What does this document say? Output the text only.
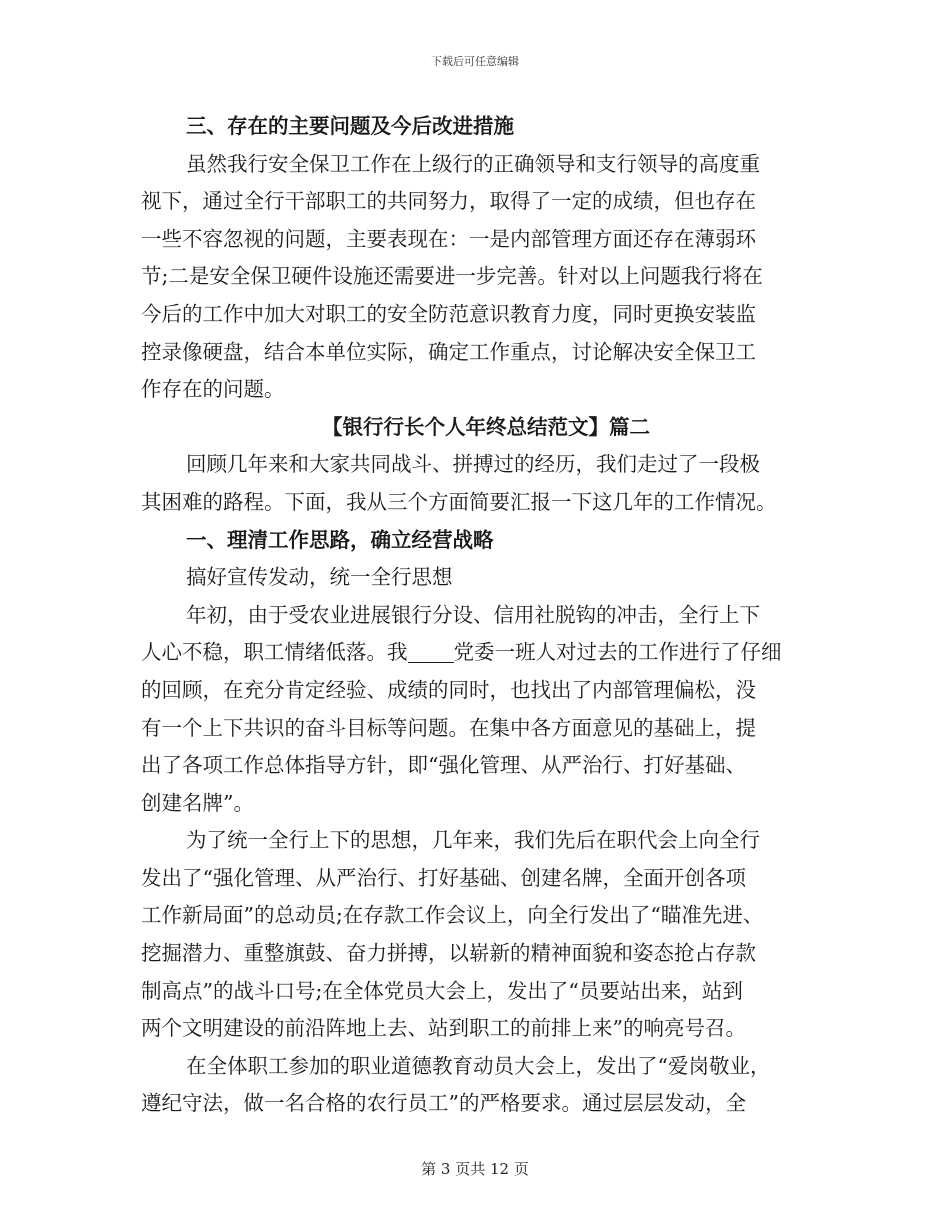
下载后可任意编辑
三、存在的主要问题及今后改进措施
虽然我行安全保卫工作在上级行的正确领导和支行领导的高度重
视下，通过全行干部职工的共同努力，取得了一定的成绩，但也存在
一些不容忽视的问题，主要表现在：一是内部管理方面还存在薄弱环
节;二是安全保卫硬件设施还需要进一步完善。针对以上问题我行将在
今后的工作中加大对职工的安全防范意识教育力度，同时更换安装监
控录像硬盘，结合本单位实际，确定工作重点，讨论解决安全保卫工
作存在的问题。
【银行行长个人年终总结范文】篇二
回顾几年来和大家共同战斗、拼搏过的经历，我们走过了一段极
其困难的路程。下面，我从三个方面简要汇报一下这几年的工作情况。
一、理清工作思路，确立经营战略
搞好宣传发动，统一全行思想
年初，由于受农业进展银行分设、信用社脱钩的冲击，全行上下
人心不稳，职工情绪低落。我 党委一班人对过去的工作进行了仔细
的回顾，在充分肯定经验、成绩的同时，也找出了内部管理偏松，没
有一个上下共识的奋斗目标等问题。在集中各方面意见的基础上，提
出了各项工作总体指导方针，即“强化管理、从严治行、打好基础、
创建名牌”。
为了统一全行上下的思想，几年来，我们先后在职代会上向全行
发出了“强化管理、从严治行、打好基础、创建名牌，全面开创各项
工作新局面”的总动员;在存款工作会议上，向全行发出了“瞄准先进、
挖掘潜力、重整旗鼓、奋力拼搏，以崭新的精神面貌和姿态抢占存款
制高点”的战斗口号;在全体党员大会上，发出了“员要站出来，站到
两个文明建设的前沿阵地上去、站到职工的前排上来”的响亮号召。
在全体职工参加的职业道德教育动员大会上，发出了“爱岗敬业，
遵纪守法，做一名合格的农行员工”的严格要求。通过层层发动，全
第 3 页共 12 页
